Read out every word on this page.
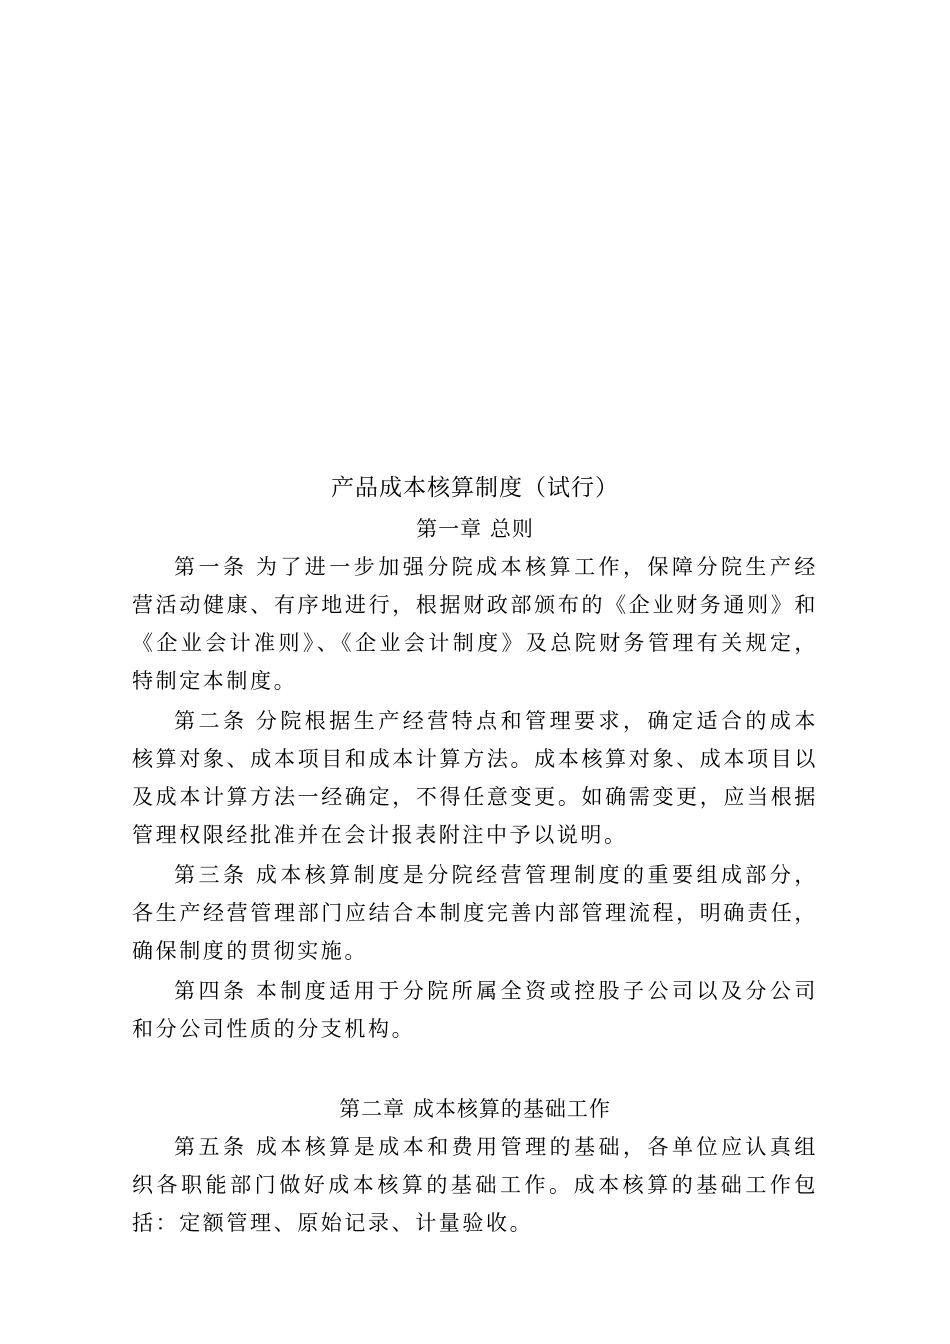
产品成本核算制度（试行）
第一章 总则

第一条 为了进一步加强分院成本核算工作，保障分院生产经营活动健康、有序地进行，根据财政部颁布的《企业财务通则》和《企业会计准则》、《企业会计制度》及总院财务管理有关规定，特制定本制度。

第二条 分院根据生产经营特点和管理要求，确定适合的成本核算对象、成本项目和成本计算方法。成本核算对象、成本项目以及成本计算方法一经确定，不得任意变更。如确需变更，应当根据管理权限经批准并在会计报表附注中予以说明。

第三条 成本核算制度是分院经营管理制度的重要组成部分，各生产经营管理部门应结合本制度完善内部管理流程，明确责任，确保制度的贯彻实施。

第四条 本制度适用于分院所属全资或控股子公司以及分公司和分公司性质的分支机构。

第二章 成本核算的基础工作

第五条 成本核算是成本和费用管理的基础，各单位应认真组织各职能部门做好成本核算的基础工作。成本核算的基础工作包括：定额管理、原始记录、计量验收。
